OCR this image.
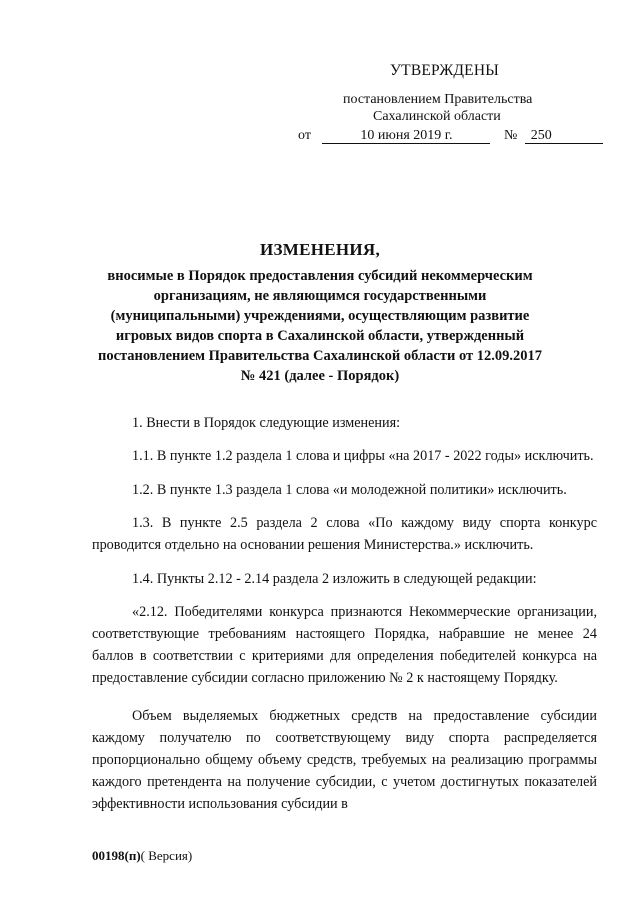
УТВЕРЖДЕНЫ
постановлением Правительства
Сахалинской области
от	10 июня 2019 г.	№ 250
ИЗМЕНЕНИЯ,
вносимые в Порядок предоставления субсидий некоммерческим организациям, не являющимся государственными (муниципальными) учреждениями, осуществляющим развитие игровых видов спорта в Сахалинской области, утвержденный постановлением Правительства Сахалинской области от 12.09.2017 № 421 (далее - Порядок)

1. Внести в Порядок следующие изменения:

1.1. В пункте 1.2 раздела 1 слова и цифры «на 2017 - 2022 годы» исключить.

1.2. В пункте 1.3 раздела 1 слова «и молодежной политики» исключить.

1.3. В пункте 2.5 раздела 2 слова «По каждому виду спорта конкурс проводится отдельно на основании решения Министерства.» исключить.

1.4. Пункты 2.12 - 2.14 раздела 2 изложить в следующей редакции:

«2.12. Победителями конкурса признаются Некоммерческие организации, соответствующие требованиям настоящего Порядка, набравшие не менее 24 баллов в соответствии с критериями для определения победителей конкурса на предоставление субсидии согласно приложению № 2 к настоящему Порядку.

Объем выделяемых бюджетных средств на предоставление субсидии каждому получателю по соответствующему виду спорта распределяется пропорционально общему объему средств, требуемых на реализацию программы каждого претендента на получение субсидии, с учетом достигнутых показателей эффективности использования субсидии в

00198(п)( Версия)
